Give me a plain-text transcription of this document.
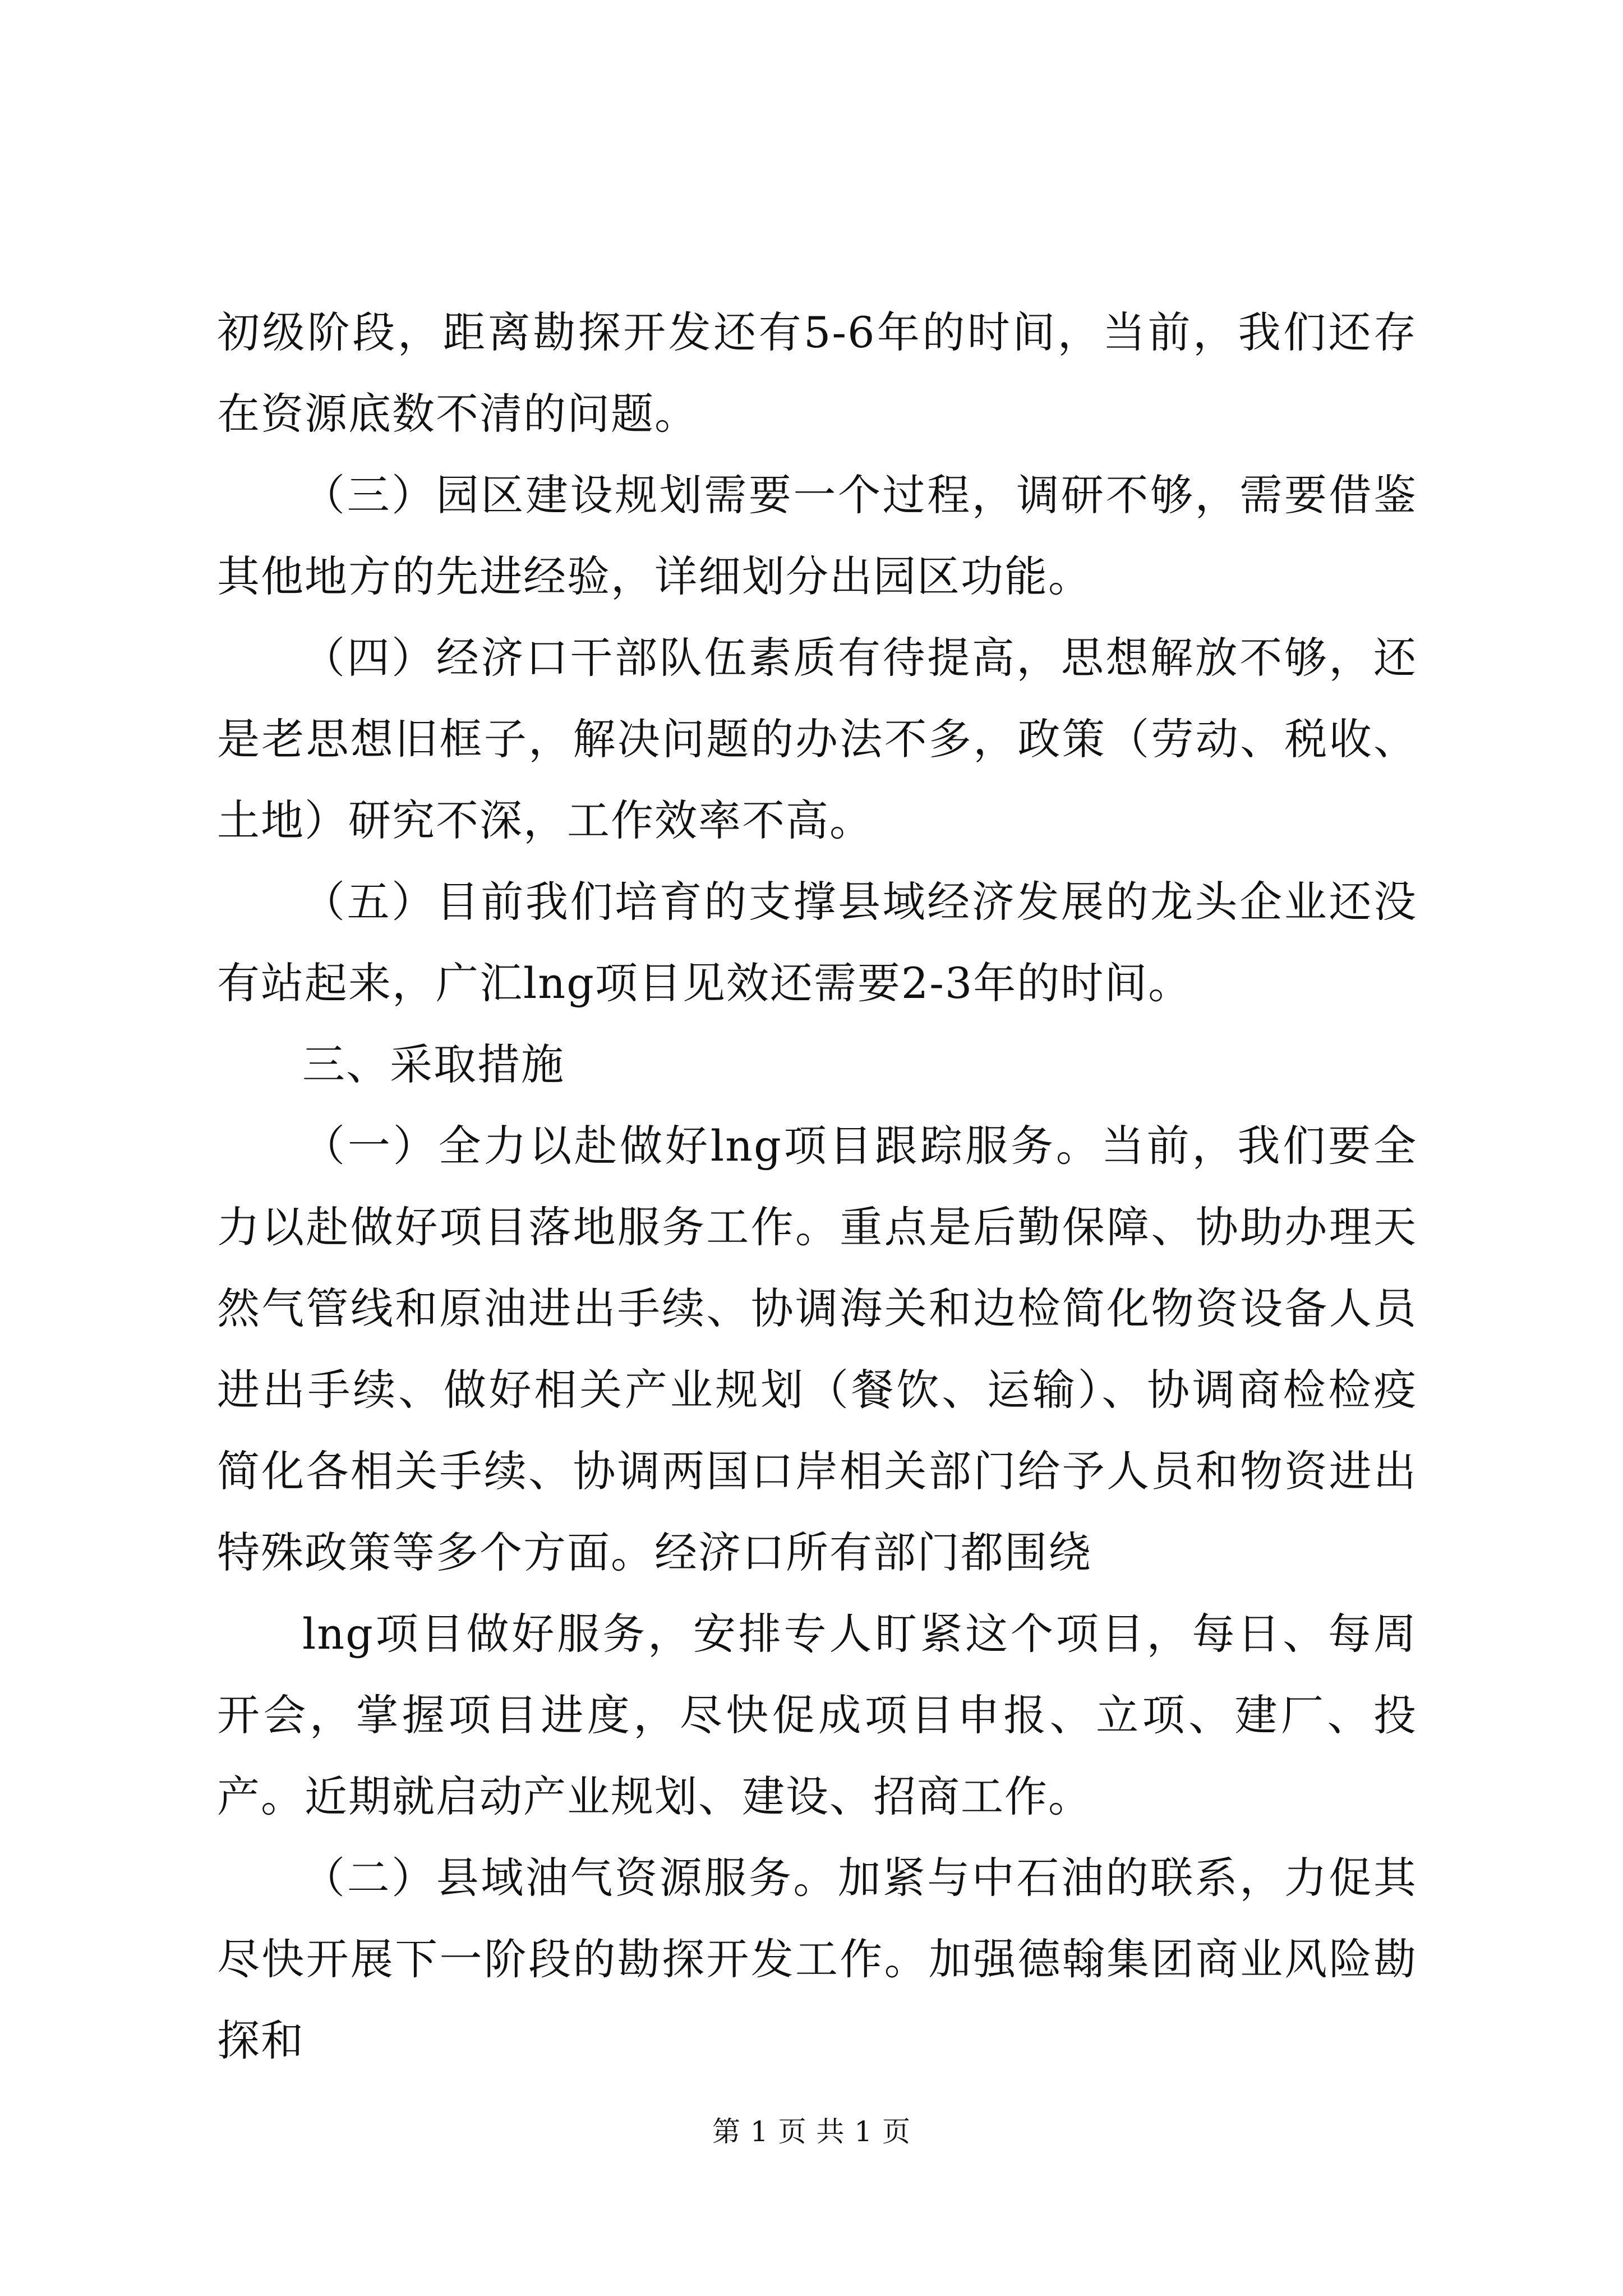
初级阶段，距离勘探开发还有5-6年的时间，当前，我们还存在资源底数不清的问题。

（三）园区建设规划需要一个过程，调研不够，需要借鉴其他地方的先进经验，详细划分出园区功能。

（四）经济口干部队伍素质有待提高，思想解放不够，还是老思想旧框子，解决问题的办法不多，政策（劳动、税收、土地）研究不深，工作效率不高。

（五）目前我们培育的支撑县域经济发展的龙头企业还没有站起来，广汇lng项目见效还需要2-3年的时间。

三、采取措施

（一）全力以赴做好lng项目跟踪服务。当前，我们要全力以赴做好项目落地服务工作。重点是后勤保障、协助办理天然气管线和原油进出手续、协调海关和边检简化物资设备人员进出手续、做好相关产业规划（餐饮、运输）、协调商检检疫简化各相关手续、协调两国口岸相关部门给予人员和物资进出特殊政策等多个方面。经济口所有部门都围绕

lng项目做好服务，安排专人盯紧这个项目，每日、每周开会，掌握项目进度，尽快促成项目申报、立项、建厂、投产。近期就启动产业规划、建设、招商工作。

（二）县域油气资源服务。加紧与中石油的联系，力促其尽快开展下一阶段的勘探开发工作。加强德翰集团商业风险勘探和

第 1 页 共 1 页
